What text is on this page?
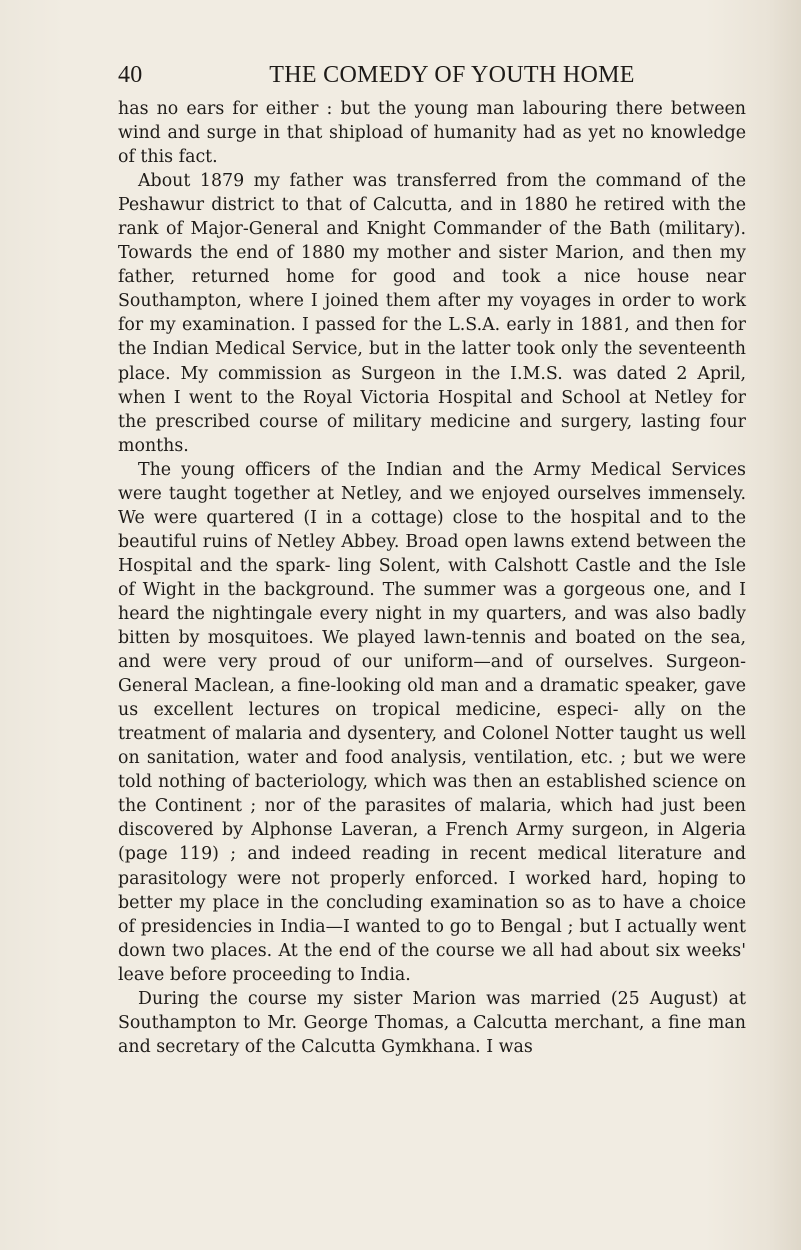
40	THE COMEDY OF YOUTH HOME

has no ears for either : but the young man labouring there between wind and surge in that shipload of humanity had as yet no knowledge of this fact.

About 1879 my father was transferred from the command of the Peshawur district to that of Calcutta, and in 1880 he retired with the rank of Major-General and Knight Commander of the Bath (military). Towards the end of 1880 my mother and sister Marion, and then my father, returned home for good and took a nice house near Southampton, where I joined them after my voyages in order to work for my examination. I passed for the L.S.A. early in 1881, and then for the Indian Medical Service, but in the latter took only the seventeenth place. My commission as Surgeon in the I.M.S. was dated 2 April, when I went to the Royal Victoria Hospital and School at Netley for the prescribed course of military medicine and surgery, lasting four months.

The young officers of the Indian and the Army Medical Services were taught together at Netley, and we enjoyed ourselves immensely. We were quartered (I in a cottage) close to the hospital and to the beautiful ruins of Netley Abbey. Broad open lawns extend between the Hospital and the spark- ling Solent, with Calshott Castle and the Isle of Wight in the background. The summer was a gorgeous one, and I heard the nightingale every night in my quarters, and was also badly bitten by mosquitoes. We played lawn-tennis and boated on the sea, and were very proud of our uniform—and of ourselves. Surgeon-General Maclean, a fine-looking old man and a dramatic speaker, gave us excellent lectures on tropical medicine, especi- ally on the treatment of malaria and dysentery, and Colonel Notter taught us well on sanitation, water and food analysis, ventilation, etc. ; but we were told nothing of bacteriology, which was then an established science on the Continent ; nor of the parasites of malaria, which had just been discovered by Alphonse Laveran, a French Army surgeon, in Algeria (page 119) ; and indeed reading in recent medical literature and parasitology were not properly enforced. I worked hard, hoping to better my place in the concluding examination so as to have a choice of presidencies in India—I wanted to go to Bengal ; but I actually went down two places. At the end of the course we all had about six weeks' leave before proceeding to India.

During the course my sister Marion was married (25 August) at Southampton to Mr. George Thomas, a Calcutta merchant, a fine man and secretary of the Calcutta Gymkhana. I was
